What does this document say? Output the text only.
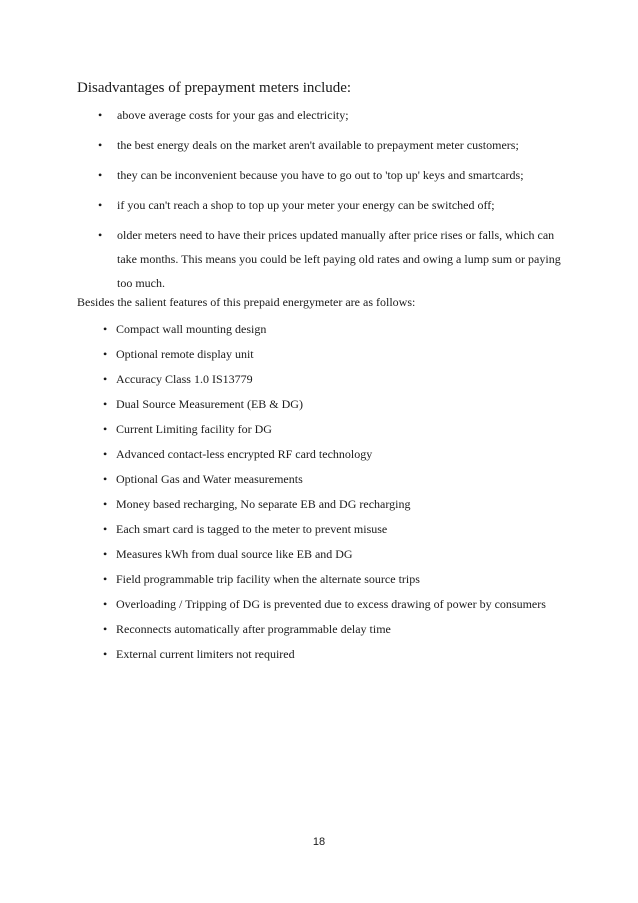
Disadvantages of prepayment meters include:
• above average costs for your gas and electricity;
• the best energy deals on the market aren't available to prepayment meter customers;
• they can be inconvenient because you have to go out to 'top up' keys and smartcards;
• if you can't reach a shop to top up your meter your energy can be switched off;
• older meters need to have their prices updated manually after price rises or falls, which can take months. This means you could be left paying old rates and owing a lump sum or paying too much.
Besides the salient features of this prepaid energymeter are as follows:
• Compact wall mounting design
• Optional remote display unit
• Accuracy Class 1.0 IS13779
• Dual Source Measurement (EB & DG)
• Current Limiting facility for DG
• Advanced contact-less encrypted RF card technology
• Optional Gas and Water measurements
• Money based recharging, No separate EB and DG recharging
• Each smart card is tagged to the meter to prevent misuse
• Measures kWh from dual source like EB and DG
• Field programmable trip facility when the alternate source trips
• Overloading / Tripping of DG is prevented due to excess drawing of power by consumers
• Reconnects automatically after programmable delay time
• External current limiters not required
18
